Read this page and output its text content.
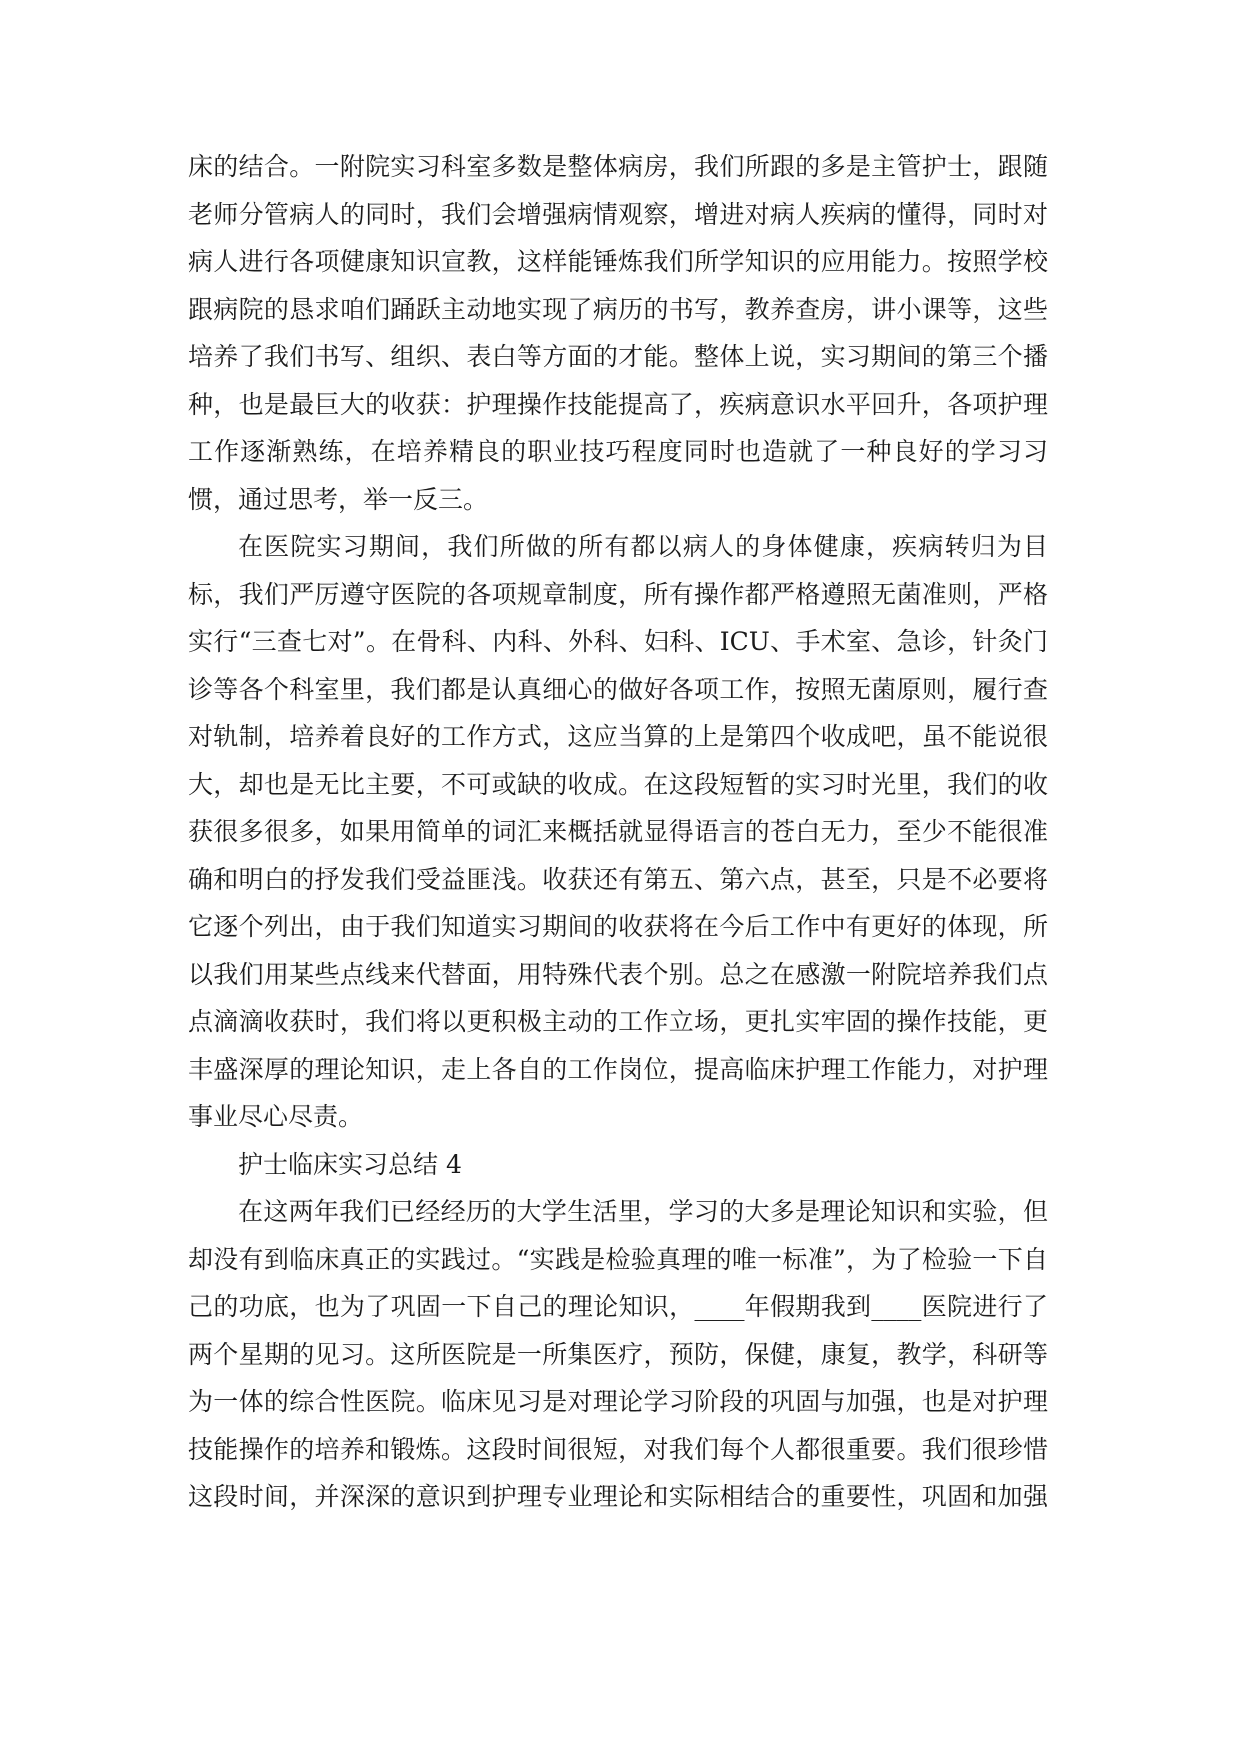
床的结合。一附院实习科室多数是整体病房，我们所跟的多是主管护士，跟随
老师分管病人的同时，我们会增强病情观察，增进对病人疾病的懂得，同时对
病人进行各项健康知识宣教，这样能锤炼我们所学知识的应用能力。按照学校
跟病院的恳求咱们踊跃主动地实现了病历的书写，教养查房，讲小课等，这些
培养了我们书写、组织、表白等方面的才能。整体上说，实习期间的第三个播
种，也是最巨大的收获：护理操作技能提高了，疾病意识水平回升，各项护理
工作逐渐熟练，在培养精良的职业技巧程度同时也造就了一种良好的学习习
惯，通过思考，举一反三。
在医院实习期间，我们所做的所有都以病人的身体健康，疾病转归为目
标，我们严厉遵守医院的各项规章制度，所有操作都严格遵照无菌准则，严格
实行“三查七对”。在骨科、内科、外科、妇科、ICU、手术室、急诊，针灸门
诊等各个科室里，我们都是认真细心的做好各项工作，按照无菌原则，履行查
对轨制，培养着良好的工作方式，这应当算的上是第四个收成吧，虽不能说很
大，却也是无比主要，不可或缺的收成。在这段短暂的实习时光里，我们的收
获很多很多，如果用简单的词汇来概括就显得语言的苍白无力，至少不能很准
确和明白的抒发我们受益匪浅。收获还有第五、第六点，甚至，只是不必要将
它逐个列出，由于我们知道实习期间的收获将在今后工作中有更好的体现，所
以我们用某些点线来代替面，用特殊代表个别。总之在感激一附院培养我们点
点滴滴收获时，我们将以更积极主动的工作立场，更扎实牢固的操作技能，更
丰盛深厚的理论知识，走上各自的工作岗位，提高临床护理工作能力，对护理
事业尽心尽责。
护士临床实习总结 4
在这两年我们已经经历的大学生活里，学习的大多是理论知识和实验，但
却没有到临床真正的实践过。“实践是检验真理的唯一标准”，为了检验一下自
己的功底，也为了巩固一下自己的理论知识，____年假期我到____医院进行了
两个星期的见习。这所医院是一所集医疗，预防，保健，康复，教学，科研等
为一体的综合性医院。临床见习是对理论学习阶段的巩固与加强，也是对护理
技能操作的培养和锻炼。这段时间很短，对我们每个人都很重要。我们很珍惜
这段时间，并深深的意识到护理专业理论和实际相结合的重要性，巩固和加强
